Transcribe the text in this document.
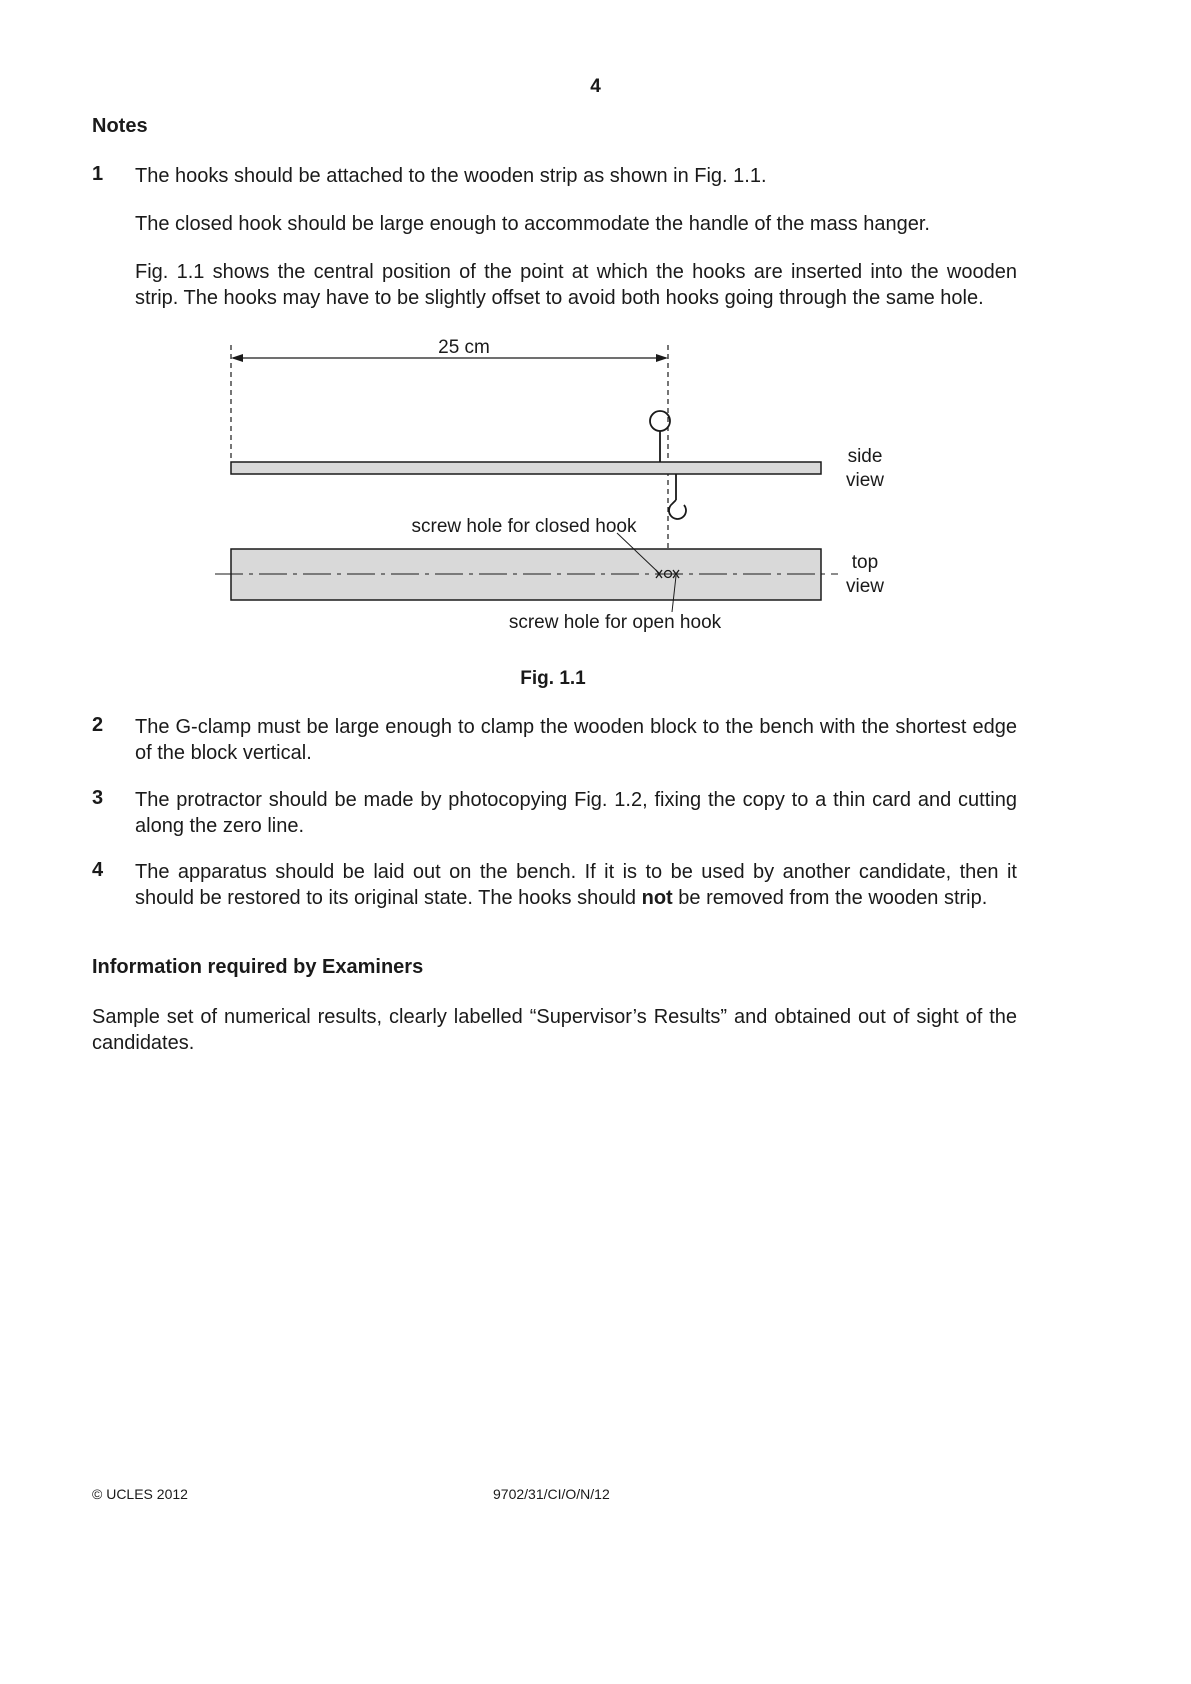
4
Notes
1 The hooks should be attached to the wooden strip as shown in Fig. 1.1.
The closed hook should be large enough to accommodate the handle of the mass hanger.
Fig. 1.1 shows the central position of the point at which the hooks are inserted into the wooden strip. The hooks may have to be slightly offset to avoid both hooks going through the same hole.
25 cm
side
view
screw hole for closed hook
screw hole for open hook
top
view
Fig. 1.1
2 The G-clamp must be large enough to clamp the wooden block to the bench with the shortest edge of the block vertical.
3 The protractor should be made by photocopying Fig. 1.2, fixing the copy to a thin card and cutting along the zero line.
4 The apparatus should be laid out on the bench. If it is to be used by another candidate, then it should be restored to its original state. The hooks should not be removed from the wooden strip.
Information required by Examiners
Sample set of numerical results, clearly labelled “Supervisor’s Results” and obtained out of sight of the candidates.
© UCLES 2012	9702/31/CI/O/N/12
